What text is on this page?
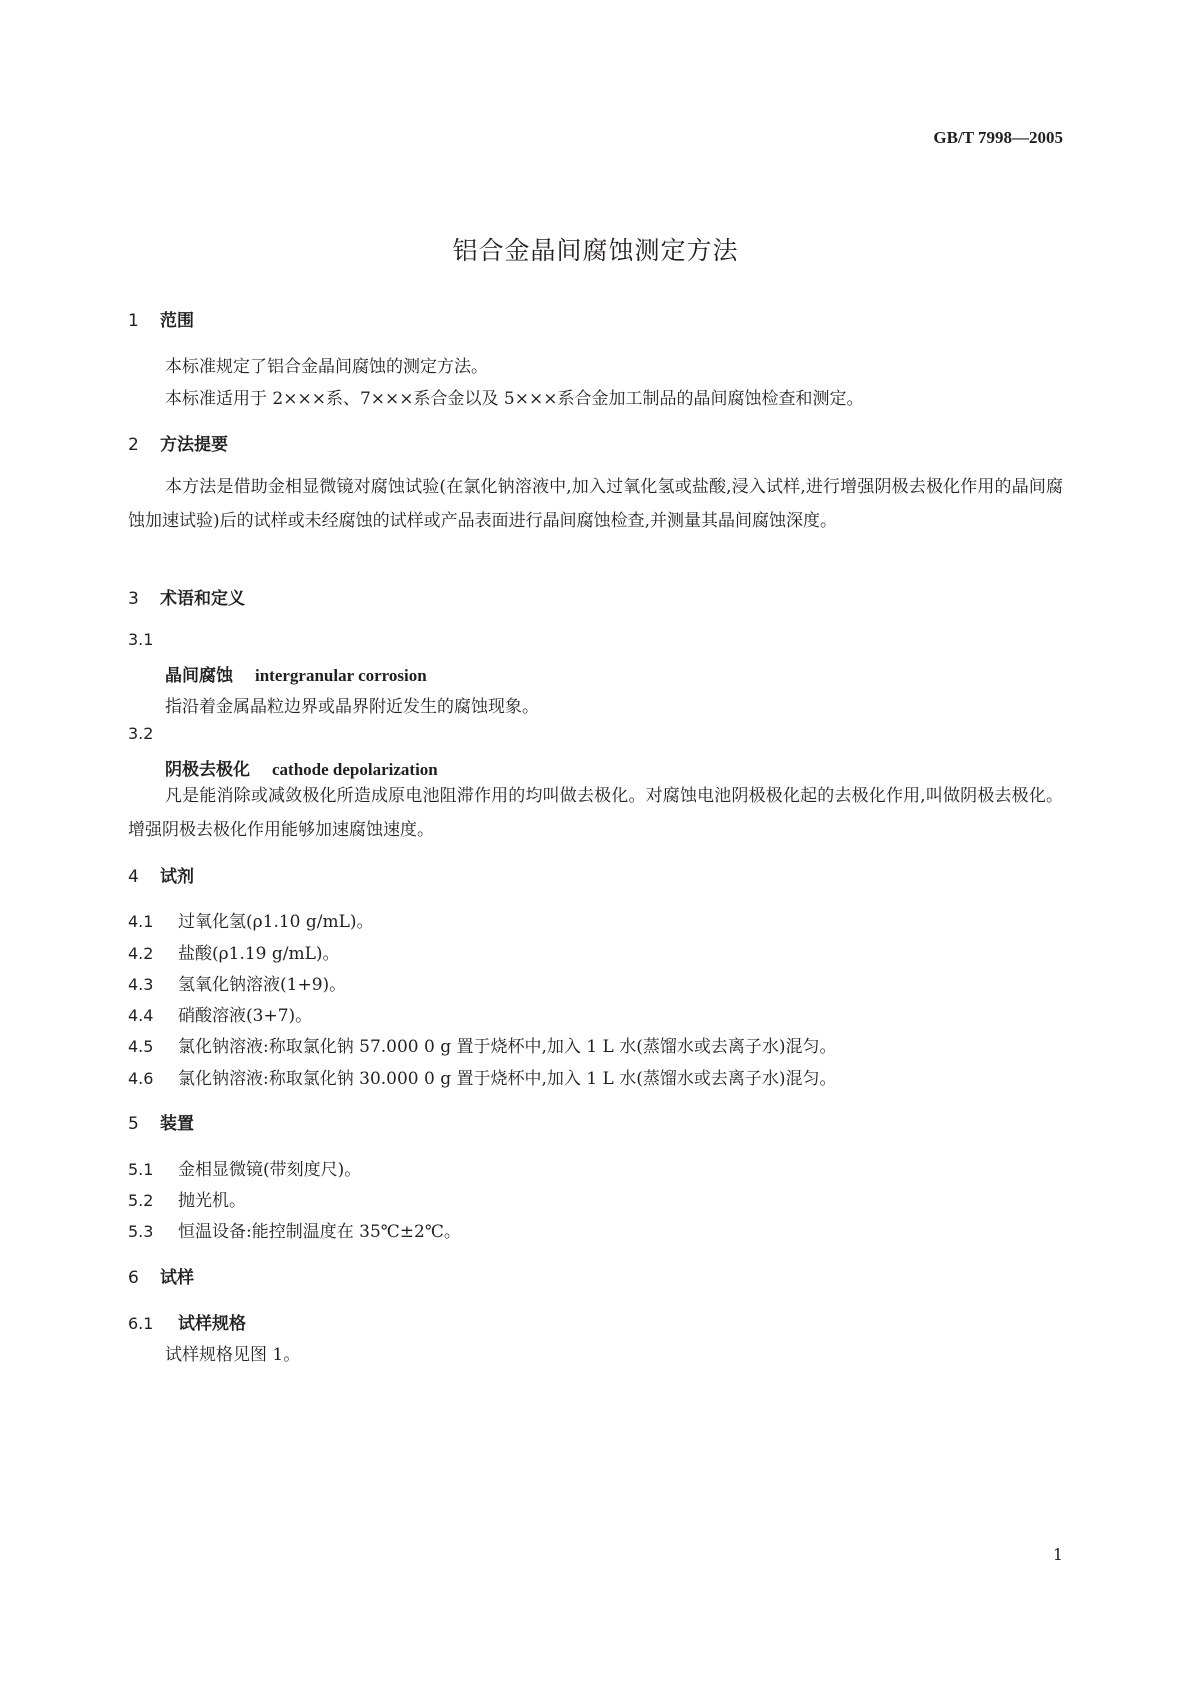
GB/T 7998—2005
铝合金晶间腐蚀测定方法
1 范围
本标准规定了铝合金晶间腐蚀的测定方法。
本标准适用于 2×××系、7×××系合金以及 5×××系合金加工制品的晶间腐蚀检查和测定。
2 方法提要
本方法是借助金相显微镜对腐蚀试验(在氯化钠溶液中,加入过氧化氢或盐酸,浸入试样,进行增强阴极去极化作用的晶间腐蚀加速试验)后的试样或未经腐蚀的试样或产品表面进行晶间腐蚀检查,并测量其晶间腐蚀深度。
3 术语和定义
3.1
晶间腐蚀 intergranular corrosion
指沿着金属晶粒边界或晶界附近发生的腐蚀现象。
3.2
阴极去极化 cathode depolarization
凡是能消除或减敛极化所造成原电池阻滞作用的均叫做去极化。对腐蚀电池阴极极化起的去极化作用,叫做阴极去极化。增强阴极去极化作用能够加速腐蚀速度。
4 试剂
4.1 过氧化氢(ρ1.10 g/mL)。
4.2 盐酸(ρ1.19 g/mL)。
4.3 氢氧化钠溶液(1+9)。
4.4 硝酸溶液(3+7)。
4.5 氯化钠溶液:称取氯化钠 57.000 0 g 置于烧杯中,加入 1 L 水(蒸馏水或去离子水)混匀。
4.6 氯化钠溶液:称取氯化钠 30.000 0 g 置于烧杯中,加入 1 L 水(蒸馏水或去离子水)混匀。
5 装置
5.1 金相显微镜(带刻度尺)。
5.2 抛光机。
5.3 恒温设备:能控制温度在 35℃±2℃。
6 试样
6.1 试样规格
试样规格见图 1。
1
